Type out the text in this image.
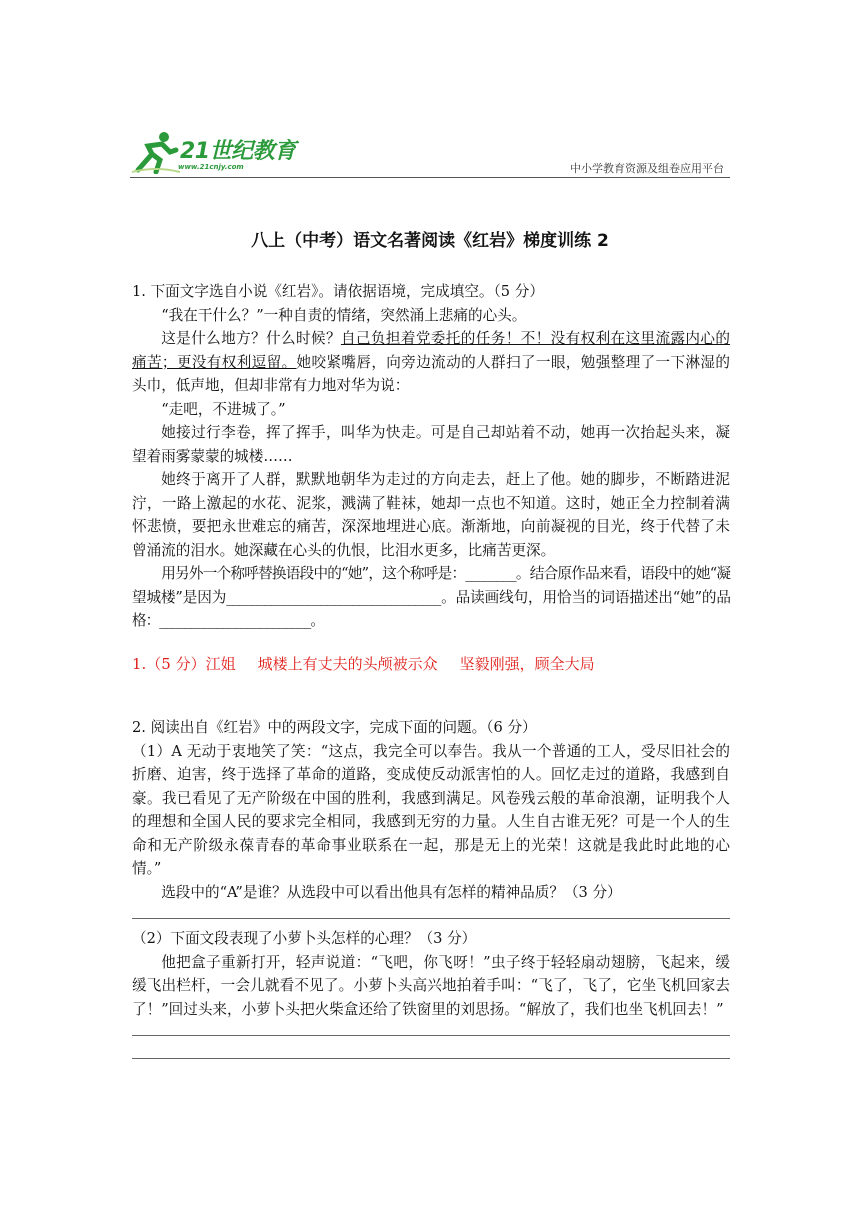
21世纪教育
www.21cnjy.com	中小学教育资源及组卷应用平台
八上（中考）语文名著阅读《红岩》梯度训练 2

1. 下面文字选自小说《红岩》。请依据语境，完成填空。（5 分）

“我在干什么？”一种自责的情绪，突然涌上悲痛的心头。

这是什么地方？什么时候？自己负担着党委托的任务！不！没有权利在这里流露内心的痛苦；更没有权利逗留。她咬紧嘴唇，向旁边流动的人群扫了一眼，勉强整理了一下淋湿的头巾，低声地，但却非常有力地对华为说：

“走吧，不进城了。”

她接过行李卷，挥了挥手，叫华为快走。可是自己却站着不动，她再一次抬起头来，凝望着雨雾蒙蒙的城楼……

她终于离开了人群，默默地朝华为走过的方向走去，赶上了他。她的脚步，不断踏进泥泞，一路上激起的水花、泥浆，溅满了鞋袜，她却一点也不知道。这时，她正全力控制着满怀悲愤，要把永世难忘的痛苦，深深地埋进心底。渐渐地，向前凝视的目光，终于代替了未曾涌流的泪水。她深藏在心头的仇恨，比泪水更多，比痛苦更深。

用另外一个称呼替换语段中的“她”，这个称呼是：________。结合原作品来看，语段中的她“凝望城楼”是因为__________________________________。品读画线句，用恰当的词语描述出“她”的品格：________________________。

1.（5 分）江姐 城楼上有丈夫的头颅被示众 坚毅刚强，顾全大局

2. 阅读出自《红岩》中的两段文字，完成下面的问题。（6 分）

（1）A 无动于衷地笑了笑：“这点，我完全可以奉告。我从一个普通的工人，受尽旧社会的折磨、迫害，终于选择了革命的道路，变成使反动派害怕的人。回忆走过的道路，我感到自豪。我已看见了无产阶级在中国的胜利，我感到满足。风卷残云般的革命浪潮，证明我个人的理想和全国人民的要求完全相同，我感到无穷的力量。人生自古谁无死？可是一个人的生命和无产阶级永葆青春的革命事业联系在一起，那是无上的光荣！这就是我此时此地的心情。”

选段中的“A”是谁？从选段中可以看出他具有怎样的精神品质？（3 分）

（2）下面文段表现了小萝卜头怎样的心理？（3 分）

他把盒子重新打开，轻声说道：“飞吧，你飞呀！”虫子终于轻轻扇动翅膀，飞起来，缓缓飞出栏杆，一会儿就看不见了。小萝卜头高兴地拍着手叫：“飞了，飞了，它坐飞机回家去了！”回过头来，小萝卜头把火柴盒还给了铁窗里的刘思扬。“解放了，我们也坐飞机回去！”
